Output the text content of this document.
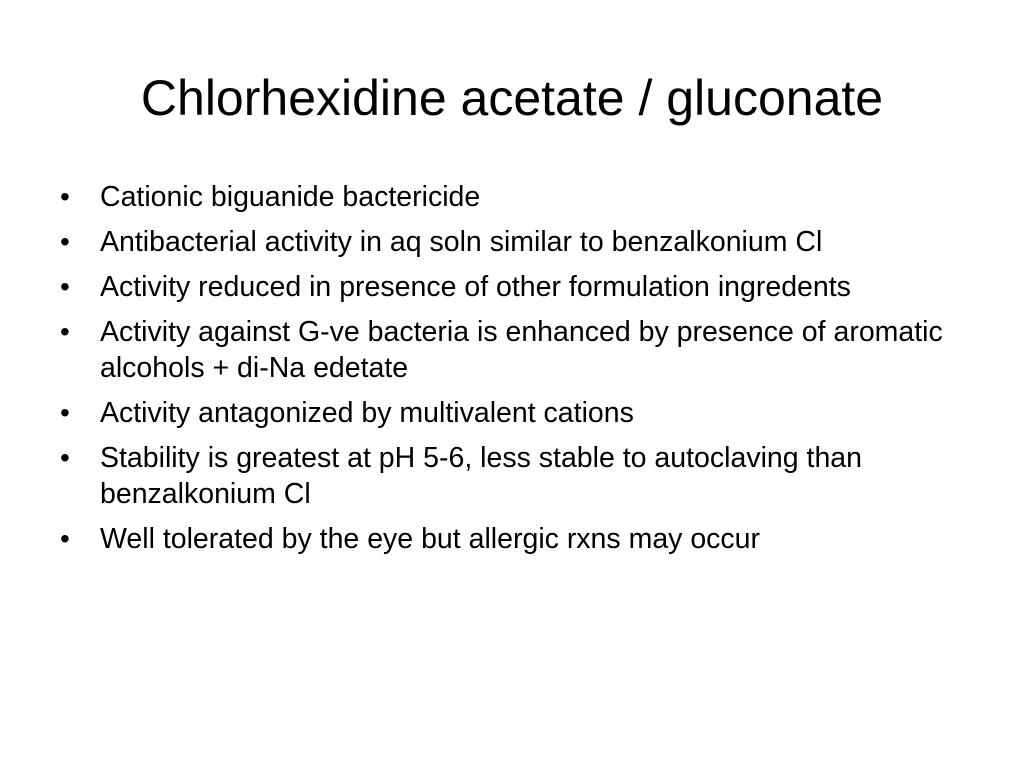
Chlorhexidine acetate / gluconate
• Cationic biguanide bactericide
• Antibacterial activity in aq soln similar to benzalkonium Cl
• Activity reduced in presence of other formulation ingredents
• Activity against G-ve bacteria is enhanced by presence of aromatic alcohols + di-Na edetate
• Activity antagonized by multivalent cations
• Stability is greatest at pH 5-6, less stable to autoclaving than benzalkonium Cl
• Well tolerated by the eye but allergic rxns may occur
